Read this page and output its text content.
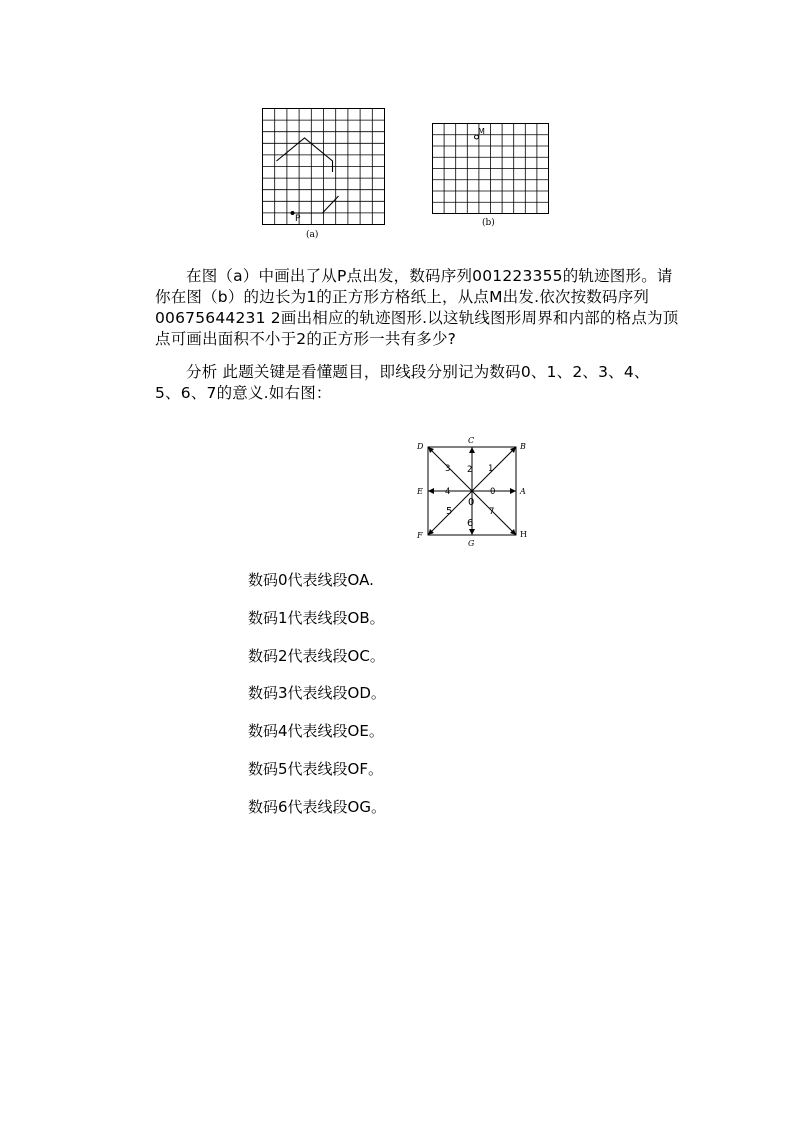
P
(a)
M
(b)
在图（a）中画出了从P点出发，数码序列001223355的轨迹图形。请
你在图（b）的边长为1的正方形方格纸上，从点M出发.依次按数码序列
00675644231 2画出相应的轨迹图形.以这轨线图形周界和内部的格点为顶
点可画出面积不小于2的正方形一共有多少?
分析 此题关键是看懂题目，即线段分别记为数码0、1、2、3、4、
5、6、7的意义.如右图：
D
C
B
E	A
F
G
H
0
1
2
3
4
5
6
7
0
数码0代表线段OA.
数码1代表线段OB。
数码2代表线段OC。
数码3代表线段OD。
数码4代表线段OE。
数码5代表线段OF。
数码6代表线段OG。
